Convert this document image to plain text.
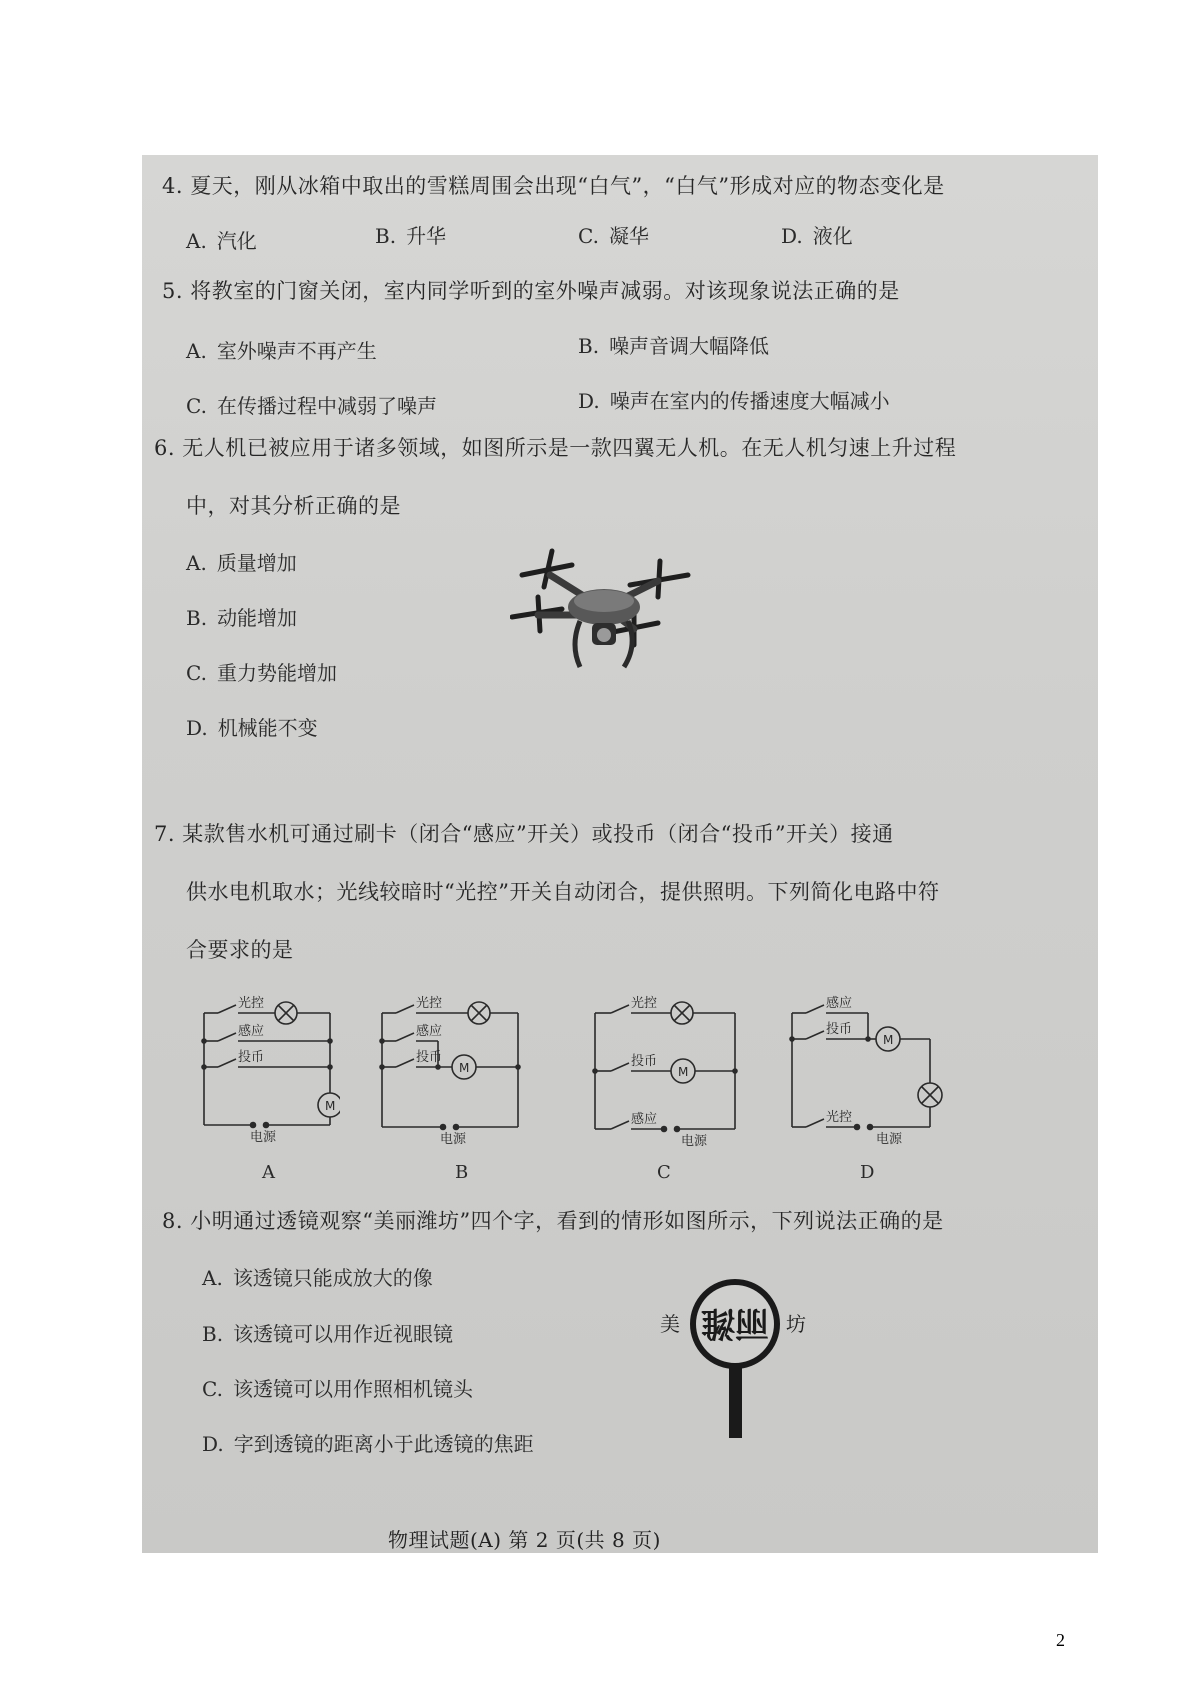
4. 夏天，刚从冰箱中取出的雪糕周围会出现“白气”，“白气”形成对应的物态变化是
A. 汽化	B. 升华	C. 凝华	D. 液化
5. 将教室的门窗关闭，室内同学听到的室外噪声减弱。对该现象说法正确的是
A. 室外噪声不再产生	B. 噪声音调大幅降低
C. 在传播过程中减弱了噪声	D. 噪声在室内的传播速度大幅减小
6. 无人机已被应用于诸多领域，如图所示是一款四翼无人机。在无人机匀速上升过程
中，对其分析正确的是
A. 质量增加
B. 动能增加
C. 重力势能增加
D. 机械能不变
7. 某款售水机可通过刷卡（闭合“感应”开关）或投币（闭合“投币”开关）接通
供水电机取水；光线较暗时“光控”开关自动闭合，提供照明。下列简化电路中符
合要求的是
光控
感应
投币
M
电源
A
光控
感应
投币
M
电源
B
光控
投币
M
感应
电源
C
感应
投币
M
光控
电源
D
8. 小明通过透镜观察“美丽潍坊”四个字，看到的情形如图所示，下列说法正确的是
A. 该透镜只能成放大的像
B. 该透镜可以用作近视眼镜
C. 该透镜可以用作照相机镜头
D. 字到透镜的距离小于此透镜的焦距
美 丽潍 坊
物理试题(A) 第 2 页(共 8 页)
2
